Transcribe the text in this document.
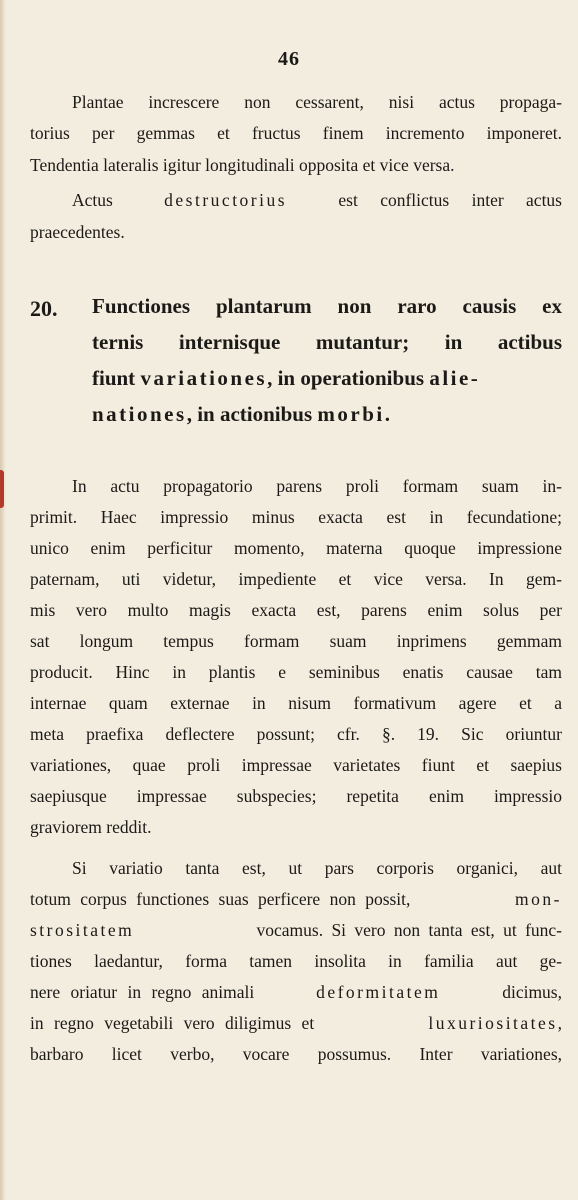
46
Plantae increscere non cessarent, nisi actus propaga-
torius per gemmas et fructus finem incremento imponeret.
Tendentia lateralis igitur longitudinali opposita et vice versa.
Actus	destructorius	est conflictus inter actus
praecedentes.
20. Functiones plantarum non raro causis ex
ternis internisque mutantur; in actibus
fiunt variationes, in operationibus alie-
nationes, in actionibus morbi.
In actu propagatorio parens proli formam suam in-
primit. Haec impressio minus exacta est in fecundatione;
unico enim perficitur momento, materna quoque impressione
paternam, uti videtur, impediente et vice versa. In gem-
mis vero multo magis exacta est, parens enim solus per
sat longum tempus formam suam inprimens gemmam
producit. Hinc in plantis e seminibus enatis causae tam
internae quam externae in nisum formativum agere et a
meta praefixa deflectere possunt; cfr. §. 19. Sic oriuntur
variationes, quae proli impressae varietates fiunt et saepius
saepiusque impressae subspecies; repetita enim impressio
graviorem reddit.
Si variatio tanta est, ut pars corporis organici, aut
totum corpus functiones suas perficere non possit,	mon-
strositatem	vocamus. Si vero non tanta est, ut func-
tiones laedantur, forma tamen insolita in familia aut ge-
nere oriatur in regno animali	deformitatem	dicimus,
in regno vegetabili vero diligimus et	luxuriositates,
barbaro licet verbo, vocare possumus. Inter variationes,
